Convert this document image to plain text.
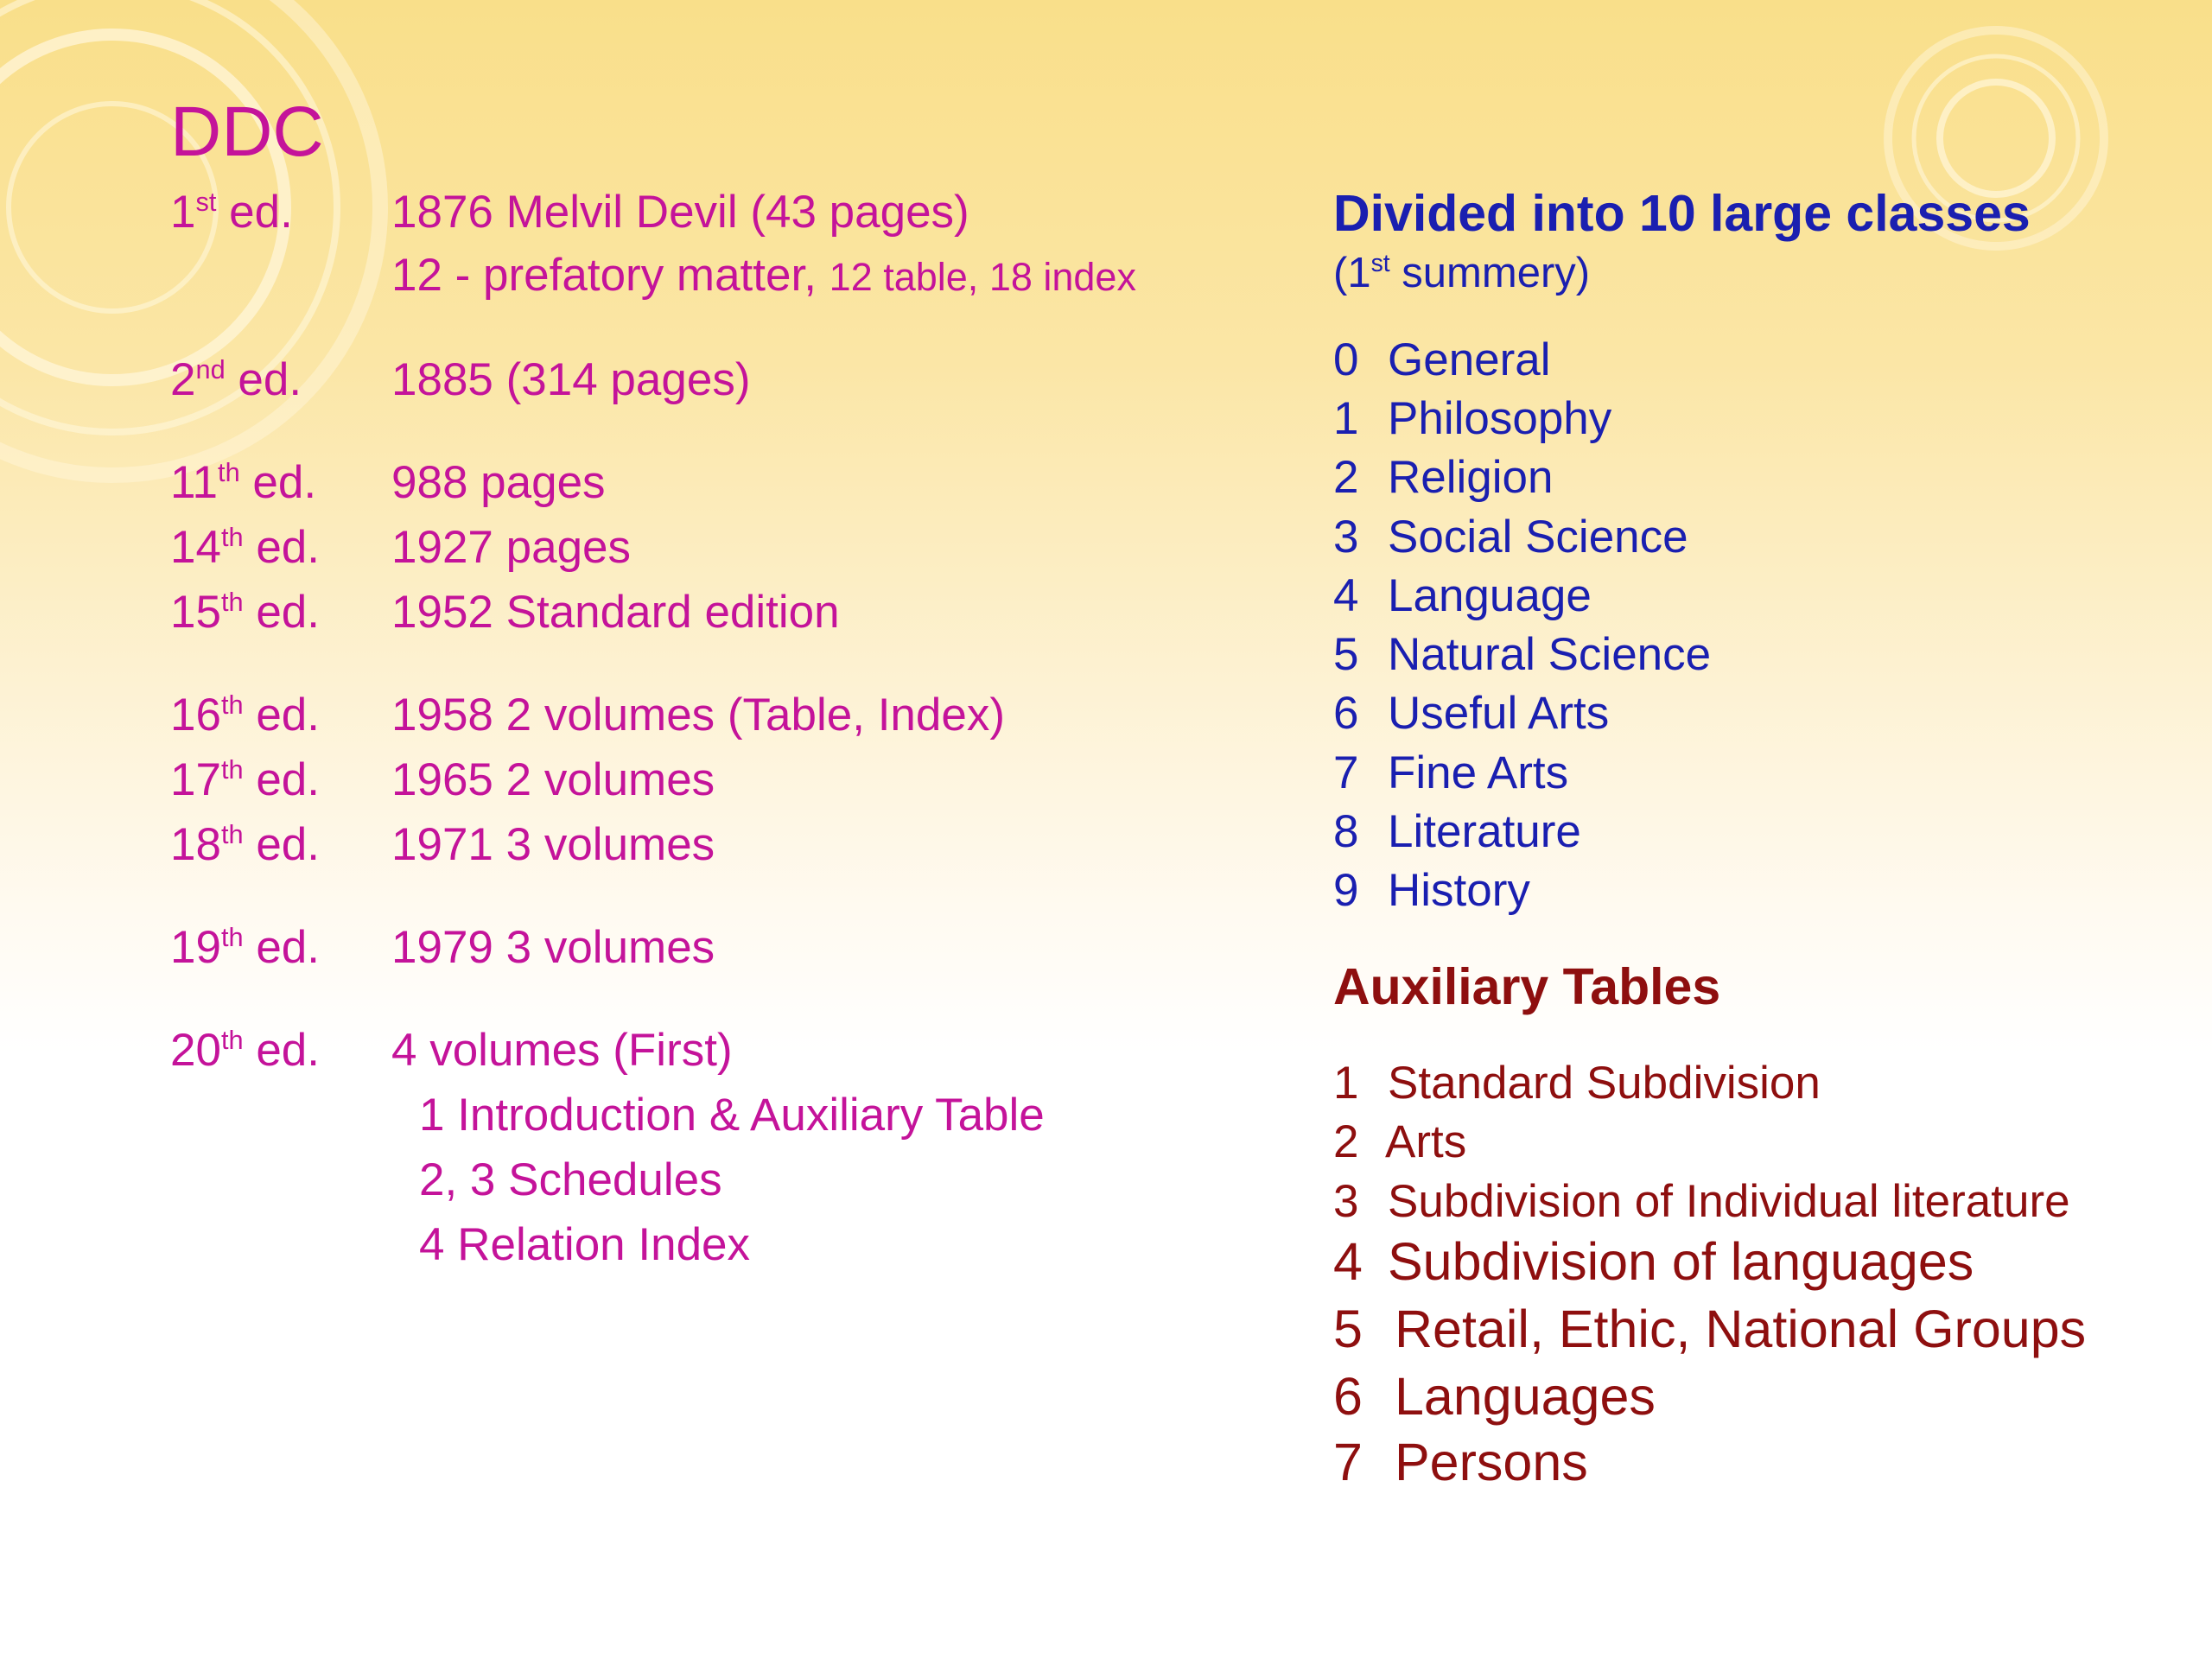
DDC
1st ed. 1876 Melvil Devil (43 pages)
12 - prefatory matter, 12 table, 18 index
2nd ed. 1885 (314 pages)
11th ed. 988 pages
14th ed. 1927 pages
15th ed. 1952 Standard edition
16th ed. 1958 2 volumes (Table, Index)
17th ed. 1965 2 volumes
18th ed. 1971 3 volumes
19th ed. 1979 3 volumes
20th ed. 4 volumes (First)
1 Introduction & Auxiliary Table
2, 3 Schedules
4 Relation Index
Divided into 10 large classes
(1st summery)
0 General
1 Philosophy
2 Religion
3 Social Science
4 Language
5 Natural Science
6 Useful Arts
7 Fine Arts
8 Literature
9 History
Auxiliary Tables
1 Standard Subdivision
2 Arts
3 Subdivision of Individual literature
4 Subdivision of languages
5 Retail, Ethic, National Groups
6 Languages
7 Persons
